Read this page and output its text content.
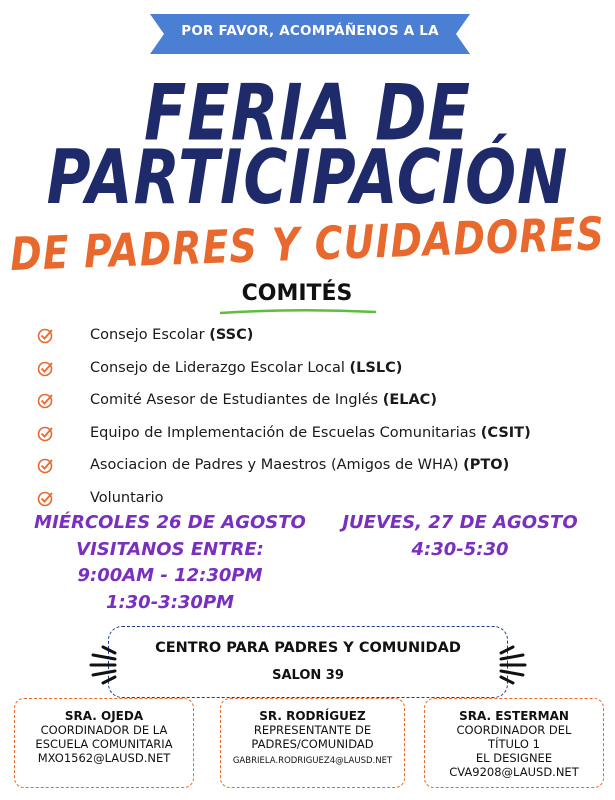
POR FAVOR, ACOMPÁÑENOS A LA
FERIA DE
PARTICIPACIÓN
DE PADRES Y CUIDADORES
COMITÉS
Consejo Escolar (SSC)
Consejo de Liderazgo Escolar Local (LSLC)
Comité Asesor de Estudiantes de Inglés (ELAC)
Equipo de Implementación de Escuelas Comunitarias (CSIT)
Asociacion de Padres y Maestros (Amigos de WHA) (PTO)
Voluntario
MIÉRCOLES 26 DE AGOSTO
VISITANOS ENTRE:
9:00AM - 12:30PM
1:30-3:30PM
JUEVES, 27 DE AGOSTO
4:30-5:30
CENTRO PARA PADRES Y COMUNIDAD
SALON 39
SRA. OJEDA
COORDINADOR DE LA
ESCUELA COMUNITARIA
MXO1562@LAUSD.NET
SR. RODRÍGUEZ
REPRESENTANTE DE
PADRES/COMUNIDAD
GABRIELA.RODRIGUEZ4@LAUSD.NET
SRA. ESTERMAN
COORDINADOR DEL
TÍTULO 1
EL DESIGNEE
CVA9208@LAUSD.NET
